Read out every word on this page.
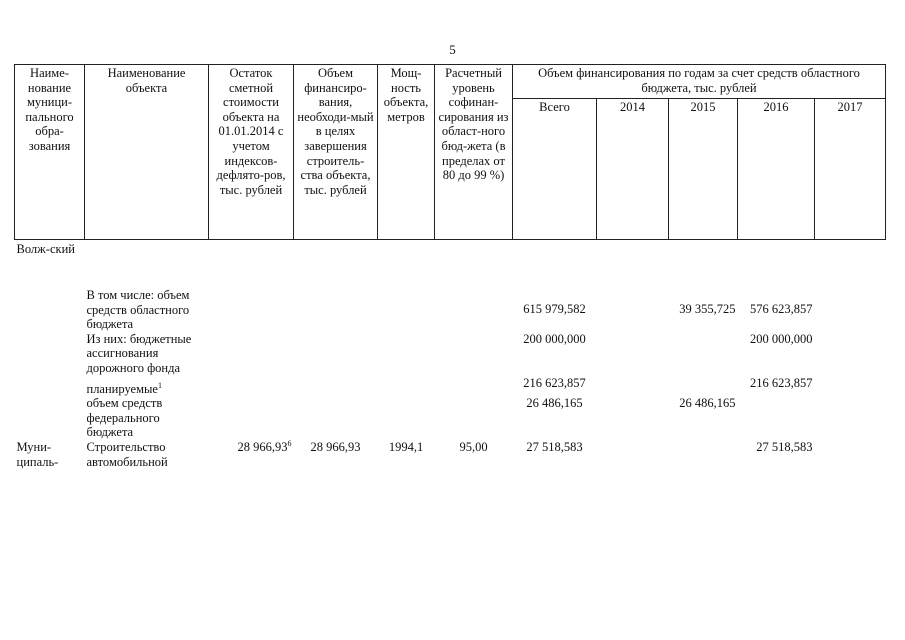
5
Наиме-нование муници-пального обра-зования	Наименование объекта	Остаток сметной стоимости объекта на 01.01.2014 с учетом индексов-дефлято-ров, тыс. рублей	Объем финансиро-вания, необходи-мый в целях завершения строитель-ства объекта, тыс. рублей	Мощ-ность объекта, метров	Расчетный уровень софинан-сирования из област-ного бюд-жета (в пределах от 80 до 99 %)	Объем финансирования по годам за счет средств областного бюджета, тыс. рублей				
						Всего	2014	2015	2016	2017
Волж-ский										
	В том числе: объем средств областного бюджета					615 979,582		39 355,725	576 623,857	
	Из них: бюджетные ассигнования дорожного фонда					200 000,000			200 000,000	
	планируемые$^1$					216 623,857			216 623,857	
	объем средств федерального бюджета					26 486,165		26 486,165		
Муни-ципаль-	Строительство автомобильной	28 966,93$^6$	28 966,93	1994,1	95,00	27 518,583			27 518,583	
